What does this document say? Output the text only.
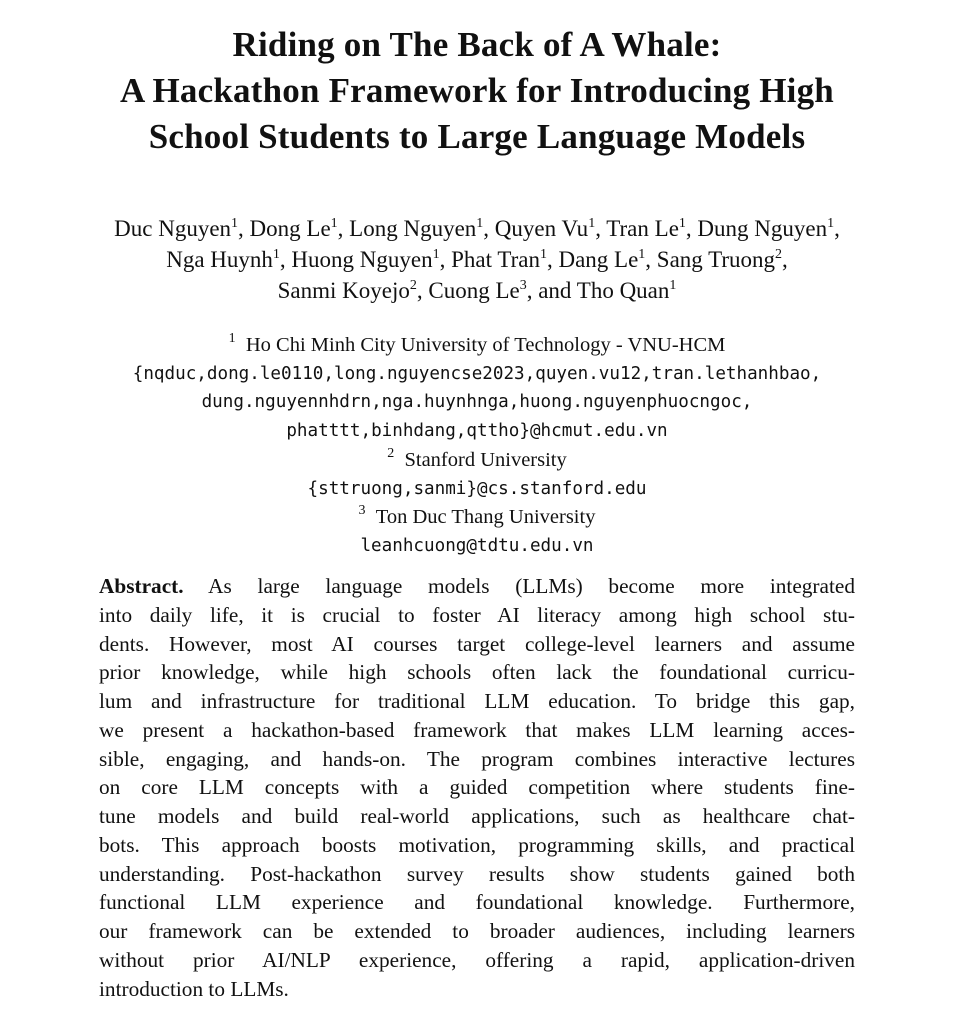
Riding on The Back of A Whale:
A Hackathon Framework for Introducing High
School Students to Large Language Models
Duc Nguyen$^1$, Dong Le$^1$, Long Nguyen$^1$, Quyen Vu$^1$, Tran Le$^1$, Dung Nguyen$^1$,
Nga Huynh$^1$, Huong Nguyen$^1$, Phat Tran$^1$, Dang Le$^1$, Sang Truong$^2$,
Sanmi Koyejo$^2$, Cuong Le$^3$, and Tho Quan$^1$
$^1$ Ho Chi Minh City University of Technology - VNU-HCM
{nqduc,dong.le0110,long.nguyencse2023,quyen.vu12,tran.lethanhbao,
dung.nguyennhdrn,nga.huynhnga,huong.nguyenphuocngoc,
phatttt,binhdang,qttho}@hcmut.edu.vn
$^2$ Stanford University
{sttruong,sanmi}@cs.stanford.edu
$^3$ Ton Duc Thang University
leanhcuong@tdtu.edu.vn
Abstract. As large language models (LLMs) become more integrated
into daily life, it is crucial to foster AI literacy among high school stu-
dents. However, most AI courses target college-level learners and assume
prior knowledge, while high schools often lack the foundational curricu-
lum and infrastructure for traditional LLM education. To bridge this gap,
we present a hackathon-based framework that makes LLM learning acces-
sible, engaging, and hands-on. The program combines interactive lectures
on core LLM concepts with a guided competition where students fine-
tune models and build real-world applications, such as healthcare chat-
bots. This approach boosts motivation, programming skills, and practical
understanding. Post-hackathon survey results show students gained both
functional LLM experience and foundational knowledge. Furthermore,
our framework can be extended to broader audiences, including learners
without prior AI/NLP experience, offering a rapid, application-driven
introduction to LLMs.
